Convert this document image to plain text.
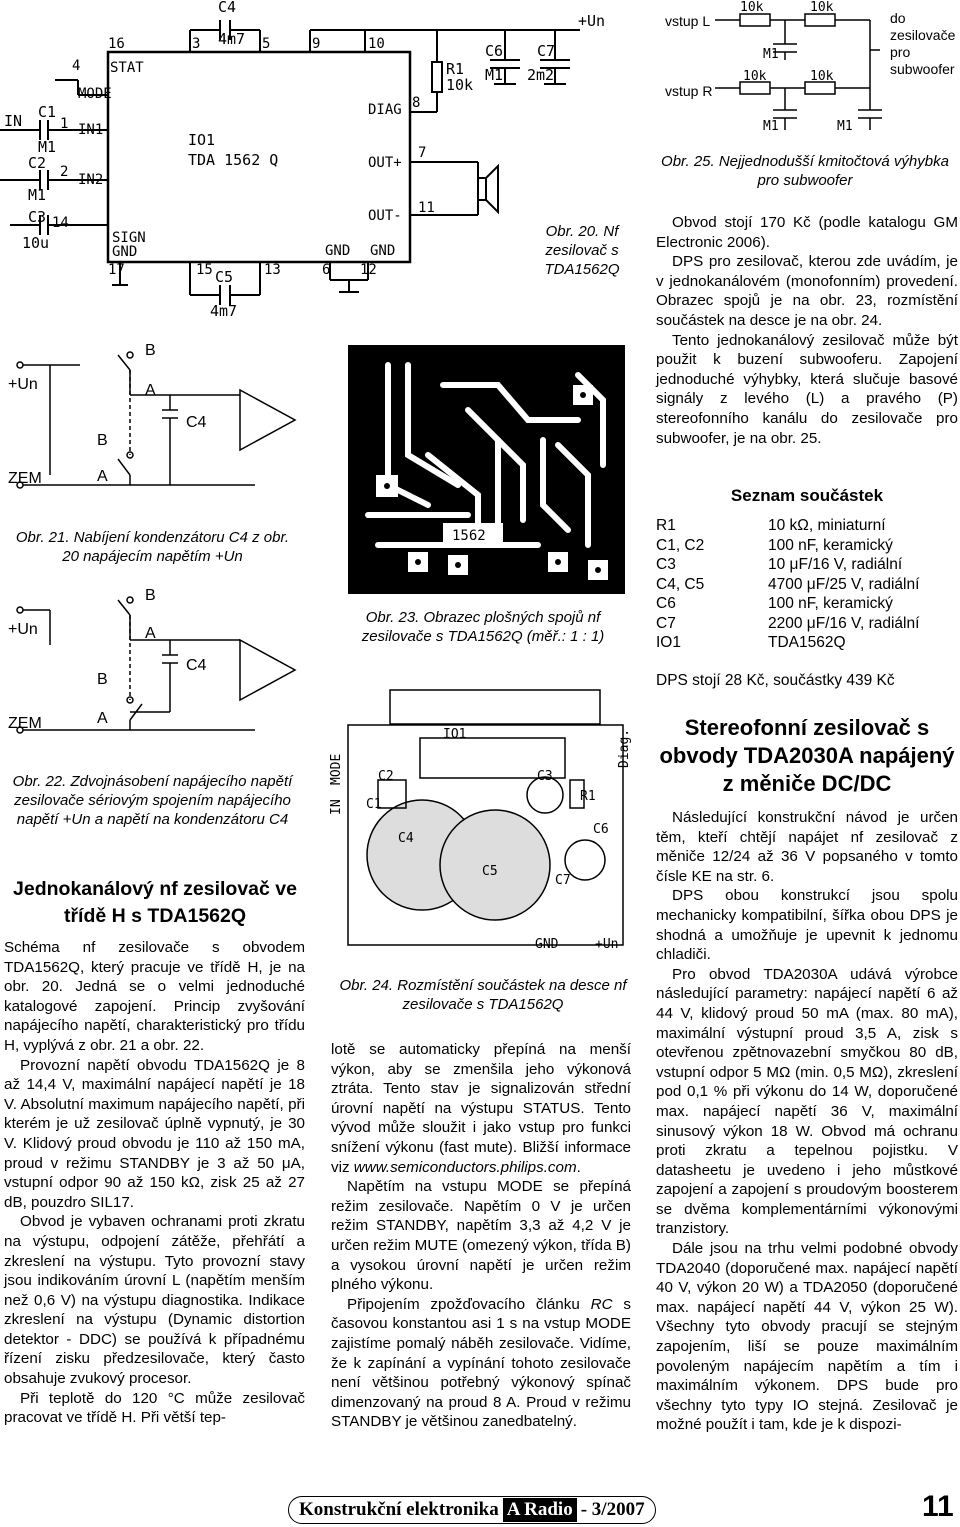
4
16
STAT
MODE
1 IN1
2 IN2
14
SIGN
GND
17
3	5	9	10
DIAG 8
OUT+
7
OUT- 11
GND GND
15	13	6 12
IN C1
M1
C2
M1
C3
10u
C4
4m7
C5
4m7
IO1
TDA 1562 Q
R1
10k
C6
M1
C7
2m2
+Un
Obr. 20. Nf zesilovač s TDA1562Q
+Un
ZEM
B
A
B
A
C4
Obr. 21. Nabíjení kondenzátoru C4 z obr. 20 napájecím napětím +Un
+Un
ZEM
B
A
B
A
C4
Obr. 22. Zdvojnásobení napájecího napětí zesilovače sériovým spojením napájecího napětí +Un a napětí na kondenzátoru C4
Jednokanálový nf zesilovač ve třídě H s TDA1562Q

Schéma nf zesilovače s obvodem TDA1562Q, který pracuje ve třídě H, je na obr. 20. Jedná se o velmi jednoduché katalogové zapojení. Princip zvyšování napájecího napětí, charakteristický pro třídu H, vyplývá z obr. 21 a obr. 22.

Provozní napětí obvodu TDA1562Q je 8 až 14,4 V, maximální napájecí napětí je 18 V. Absolutní maximum napájecího napětí, při kterém je už zesilovač úplně vypnutý, je 30 V. Klidový proud obvodu je 110 až 150 mA, proud v režimu STANDBY je 3 až 50 μA, vstupní odpor 90 až 150 kΩ, zisk 25 až 27 dB, pouzdro SIL17.

Obvod je vybaven ochranami proti zkratu na výstupu, odpojení zátěže, přehřátí a zkreslení na výstupu. Tyto provozní stavy jsou indikováním úrovní L (napětím menším než 0,6 V) na výstupu diagnostika. Indikace zkreslení na výstupu (Dynamic distortion detektor - DDC) se používá k případnému řízení zisku předzesilovače, který často obsahuje zvukový procesor.

Při teplotě do 120 °C může zesilovač pracovat ve třídě H. Při větší tep-

1562
Obr. 23. Obrazec plošných spojů nf zesilovače s TDA1562Q (měř.: 1 : 1)
IN
MODE
IO1
C2
C1
C3
C4
C5
C6
C7
R1
Diag.
GND	+Un
Obr. 24. Rozmístění součástek na desce nf zesilovače s TDA1562Q

lotě se automaticky přepíná na menší výkon, aby se zmenšila jeho výkonová ztráta. Tento stav je signalizován střední úrovní napětí na výstupu STATUS. Tento vývod může sloužit i jako vstup pro funkci snížení výkonu (fast mute). Bližší informace viz www.semiconductors.philips.com.

Napětím na vstupu MODE se přepíná režim zesilovače. Napětím 0 V je určen režim STANDBY, napětím 3,3 až 4,2 V je určen režim MUTE (omezený výkon, třída B) a vysokou úrovní napětí je určen režim plného výkonu.

Připojením zpožďovacího článku RC s časovou konstantou asi 1 s na vstup MODE zajistíme pomalý náběh zesilovače. Vidíme, že k zapínání a vypínání tohoto zesilovače není většinou potřebný výkonový spínač dimenzovaný na proud 8 A. Proud v režimu STANDBY je většinou zanedbatelný.

vstup L
vstup R
10k	10k
M1
10k	10k
M1	M1
do zesilovače pro subwoofer
Obr. 25. Nejjednodušší kmitočtová výhybka pro subwoofer

Obvod stojí 170 Kč (podle katalogu GM Electronic 2006).

DPS pro zesilovač, kterou zde uvádím, je v jednokanálovém (monofonním) provedení. Obrazec spojů je na obr. 23, rozmístění součástek na desce je na obr. 24.

Tento jednokanálový zesilovač může být použit k buzení subwooferu. Zapojení jednoduché výhybky, která slučuje basové signály z levého (L) a pravého (P) stereofonního kanálu do zesilovače pro subwoofer, je na obr. 25.

Seznam součástek
R1	10 kΩ, miniaturní
C1, C2	100 nF, keramický
C3	10 μF/16 V, radiální
C4, C5	4700 μF/25 V, radiální
C6	100 nF, keramický
C7	2200 μF/16 V, radiální
IO1	TDA1562Q
DPS stojí 28 Kč, součástky 439 Kč
Stereofonní zesilovač s obvody TDA2030A napájený z měniče DC/DC

Následující konstrukční návod je určen těm, kteří chtějí napájet nf zesilovač z měniče 12/24 až 36 V popsaného v tomto čísle KE na str. 6.

DPS obou konstrukcí jsou spolu mechanicky kompatibilní, šířka obou DPS je shodná a umožňuje je upevnit k jednomu chladiči.

Pro obvod TDA2030A udává výrobce následující parametry: napájecí napětí 6 až 44 V, klidový proud 50 mA (max. 80 mA), maximální výstupní proud 3,5 A, zisk s otevřenou zpětnovazební smyčkou 80 dB, vstupní odpor 5 MΩ (min. 0,5 MΩ), zkreslení pod 0,1 % při výkonu do 14 W, doporučené max. napájecí napětí 36 V, maximální sinusový výkon 18 W. Obvod má ochranu proti zkratu a tepelnou pojistku. V datasheetu je uvedeno i jeho můstkové zapojení a zapojení s proudovým boosterem se dvěma komplementárními výkonovými tranzistory.

Dále jsou na trhu velmi podobné obvody TDA2040 (doporučené max. napájecí napětí 40 V, výkon 20 W) a TDA2050 (doporučené max. napájecí napětí 44 V, výkon 25 W). Všechny tyto obvody pracují se stejným zapojením, liší se pouze maximálním povoleným napájecím napětím a tím i maximálním výkonem. DPS bude pro všechny tyto typy IO stejná. Zesilovač je možné použít i tam, kde je k dispozi-

Konstrukční elektronika A Radio - 3/2007	11
